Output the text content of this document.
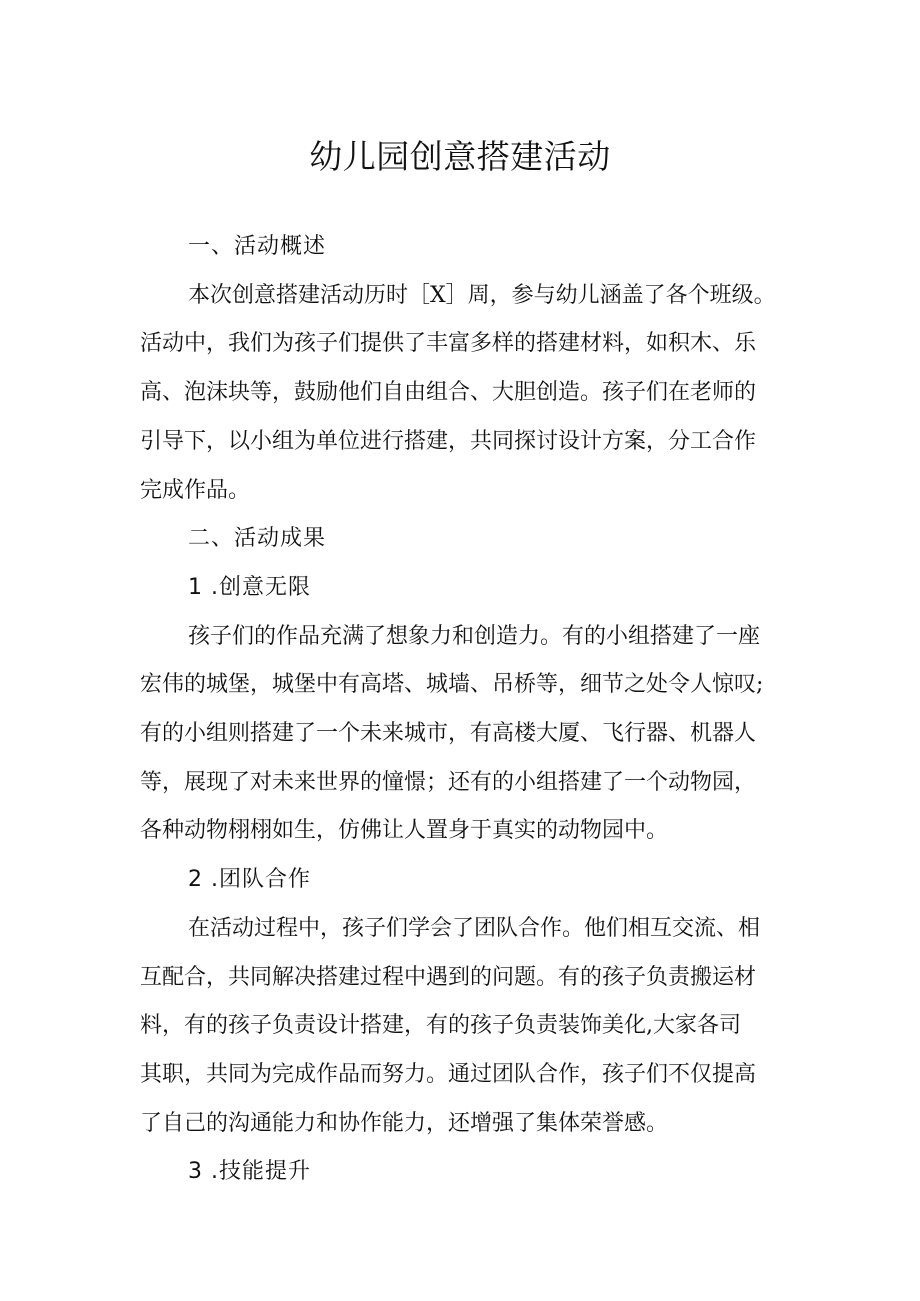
幼儿园创意搭建活动

一、活动概述

本次创意搭建活动历时［X］周，参与幼儿涵盖了各个班级。

活动中，我们为孩子们提供了丰富多样的搭建材料，如积木、乐

高、泡沫块等，鼓励他们自由组合、大胆创造。孩子们在老师的

引导下，以小组为单位进行搭建，共同探讨设计方案，分工合作

完成作品。

二、活动成果

1 .创意无限

孩子们的作品充满了想象力和创造力。有的小组搭建了一座

宏伟的城堡，城堡中有高塔、城墙、吊桥等，细节之处令人惊叹;

有的小组则搭建了一个未来城市，有高楼大厦、飞行器、机器人

等，展现了对未来世界的憧憬；还有的小组搭建了一个动物园，

各种动物栩栩如生，仿佛让人置身于真实的动物园中。

2 .团队合作

在活动过程中，孩子们学会了团队合作。他们相互交流、相

互配合，共同解决搭建过程中遇到的问题。有的孩子负责搬运材

料，有的孩子负责设计搭建，有的孩子负责装饰美化,大家各司

其职，共同为完成作品而努力。通过团队合作，孩子们不仅提高

了自己的沟通能力和协作能力，还增强了集体荣誉感。

3 .技能提升
